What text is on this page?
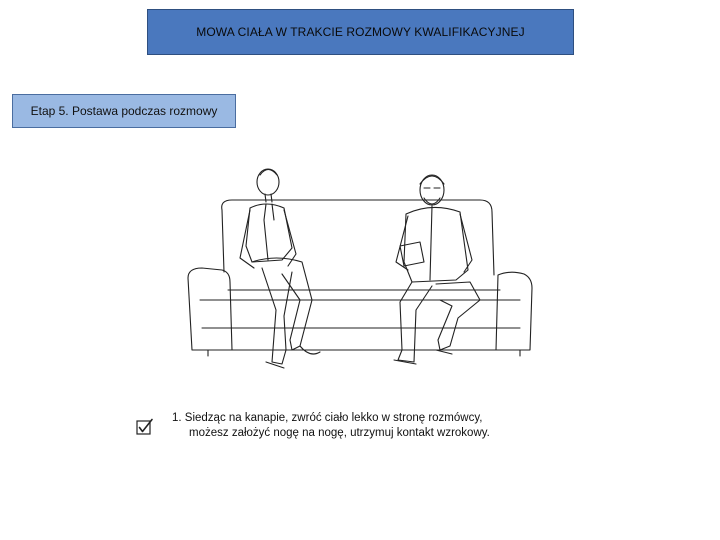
MOWA CIAŁA W TRAKCIE ROZMOWY KWALIFIKACYJNEJ
Etap 5. Postawa podczas rozmowy
1. Siedząc na kanapie, zwróć ciało lekko w stronę rozmówcy,
możesz założyć nogę na nogę, utrzymuj kontakt wzrokowy.
